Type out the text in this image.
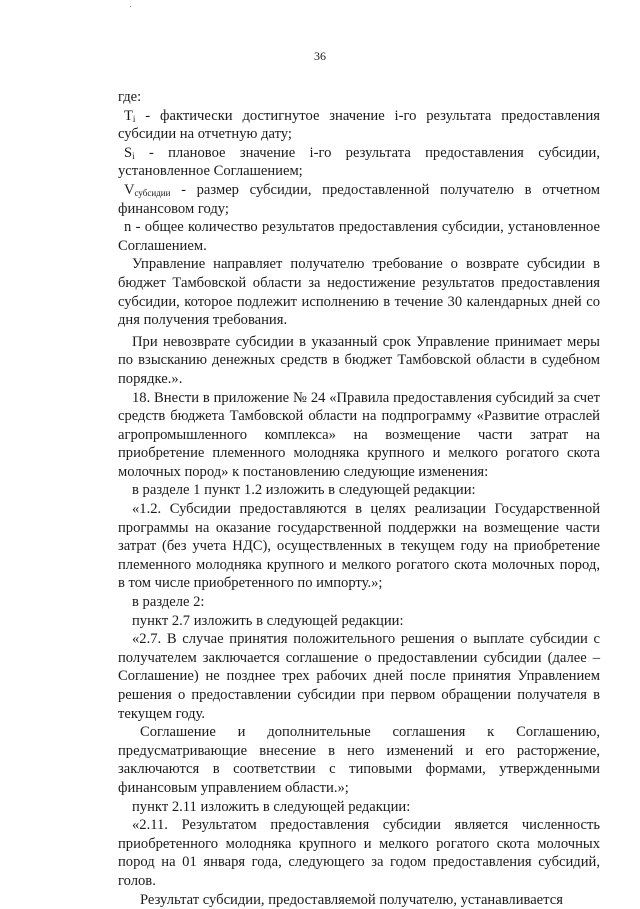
36

где:

$T_i$ - фактически достигнутое значение i-го результата предоставления субсидии на отчетную дату;

$S_i$ - плановое значение i-го результата предоставления субсидии, установленное Соглашением;

$V_{субсидии}$ - размер субсидии, предоставленной получателю в отчетном финансовом году;

n - общее количество результатов предоставления субсидии, установленное Соглашением.

Управление направляет получателю требование о возврате субсидии в бюджет Тамбовской области за недостижение результатов предоставления субсидии, которое подлежит исполнению в течение 30 календарных дней со дня получения требования.

При невозврате субсидии в указанный срок Управление принимает меры по взысканию денежных средств в бюджет Тамбовской области в судебном порядке.».

18. Внести в приложение № 24 «Правила предоставления субсидий за счет средств бюджета Тамбовской области на подпрограмму «Развитие отраслей агропромышленного комплекса» на возмещение части затрат на приобретение племенного молодняка крупного и мелкого рогатого скота молочных пород» к постановлению следующие изменения:

в разделе 1 пункт 1.2 изложить в следующей редакции:

«1.2. Субсидии предоставляются в целях реализации Государственной программы на оказание государственной поддержки на возмещение части затрат (без учета НДС), осуществленных в текущем году на приобретение племенного молодняка крупного и мелкого рогатого скота молочных пород, в том числе приобретенного по импорту.»;

в разделе 2:

пункт 2.7 изложить в следующей редакции:

«2.7. В случае принятия положительного решения о выплате субсидии с получателем заключается соглашение о предоставлении субсидии (далее – Соглашение) не позднее трех рабочих дней после принятия Управлением решения о предоставлении субсидии при первом обращении получателя в текущем году.

Соглашение и дополнительные соглашения к Соглашению, предусматривающие внесение в него изменений и его расторжение, заключаются в соответствии с типовыми формами, утвержденными финансовым управлением области.»;

пункт 2.11 изложить в следующей редакции:

«2.11. Результатом предоставления субсидии является численность приобретенного молодняка крупного и мелкого рогатого скота молочных пород на 01 января года, следующего за годом предоставления субсидий, голов.

Результат субсидии, предоставляемой получателю, устанавливается
